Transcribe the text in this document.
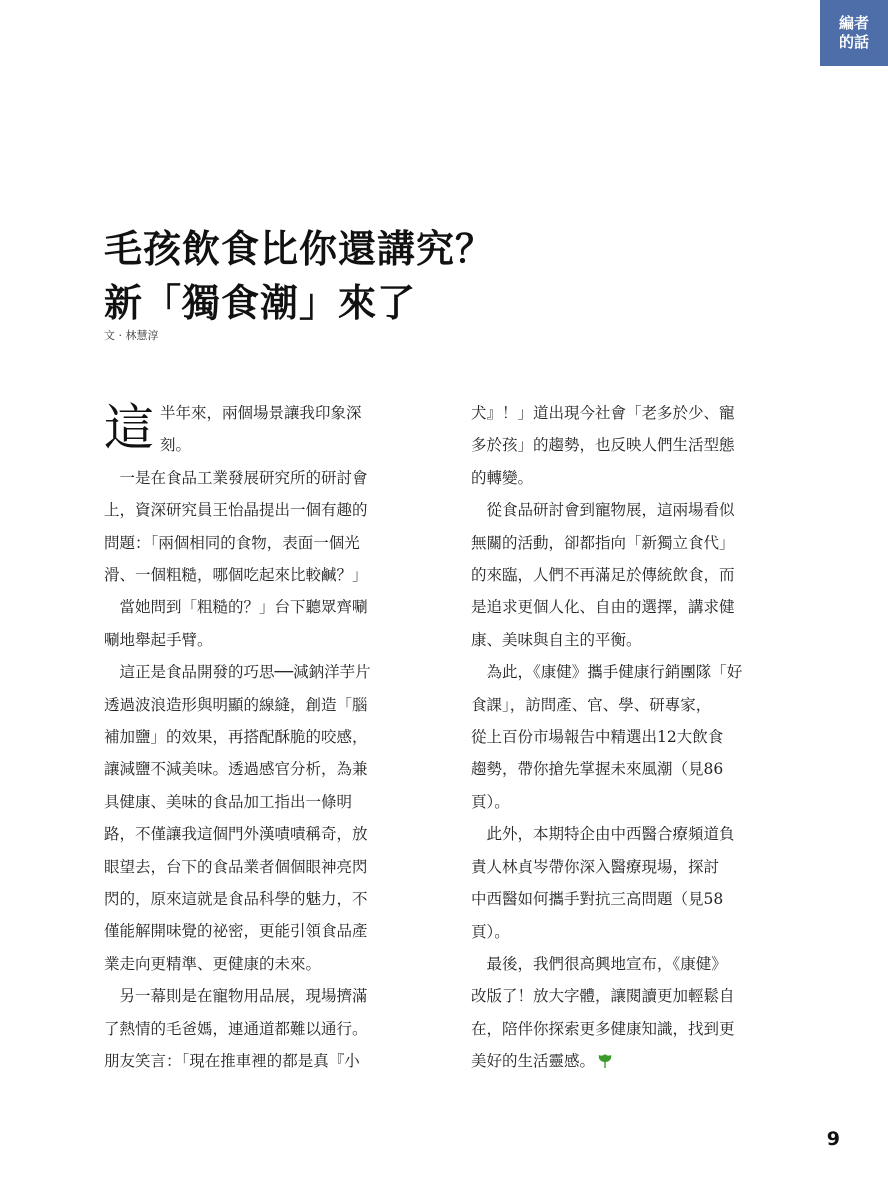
編者
的話
毛孩飲食比你還講究？
新「獨食潮」來了
文 · 林慧淳
這 半年來，兩個場景讓我印象深

刻。

　一是在食品工業發展研究所的研討會

上，資深研究員王怡晶提出一個有趣的

問題：「兩個相同的食物，表面一個光

滑、一個粗糙，哪個吃起來比較鹹？」

　當她問到「粗糙的？」台下聽眾齊唰

唰地舉起手臂。

　這正是食品開發的巧思──減鈉洋芋片

透過波浪造形與明顯的線縫，創造「腦

補加鹽」的效果，再搭配酥脆的咬感，

讓減鹽不減美味。透過感官分析，為兼

具健康、美味的食品加工指出一條明

路，不僅讓我這個門外漢嘖嘖稱奇，放

眼望去，台下的食品業者個個眼神亮閃

閃的，原來這就是食品科學的魅力，不

僅能解開味覺的祕密，更能引領食品產

業走向更精準、更健康的未來。

　另一幕則是在寵物用品展，現場擠滿

了熱情的毛爸媽，連通道都難以通行。

朋友笑言：「現在推車裡的都是真『小

犬』！」道出現今社會「老多於少、寵

多於孩」的趨勢，也反映人們生活型態

的轉變。

　從食品研討會到寵物展，這兩場看似

無關的活動，卻都指向「新獨立食代」

的來臨，人們不再滿足於傳統飲食，而

是追求更個人化、自由的選擇，講求健

康、美味與自主的平衡。

　為此，《康健》攜手健康行銷團隊「好

食課」，訪問產、官、學、研專家，

從上百份市場報告中精選出12大飲食

趨勢，帶你搶先掌握未來風潮（見86

頁）。

　此外，本期特企由中西醫合療頻道負

責人林貞岑帶你深入醫療現場，探討

中西醫如何攜手對抗三高問題（見58

頁）。

　最後，我們很高興地宣布，《康健》

改版了！放大字體，讓閱讀更加輕鬆自

在，陪伴你探索更多健康知識，找到更

美好的生活靈感。

9
